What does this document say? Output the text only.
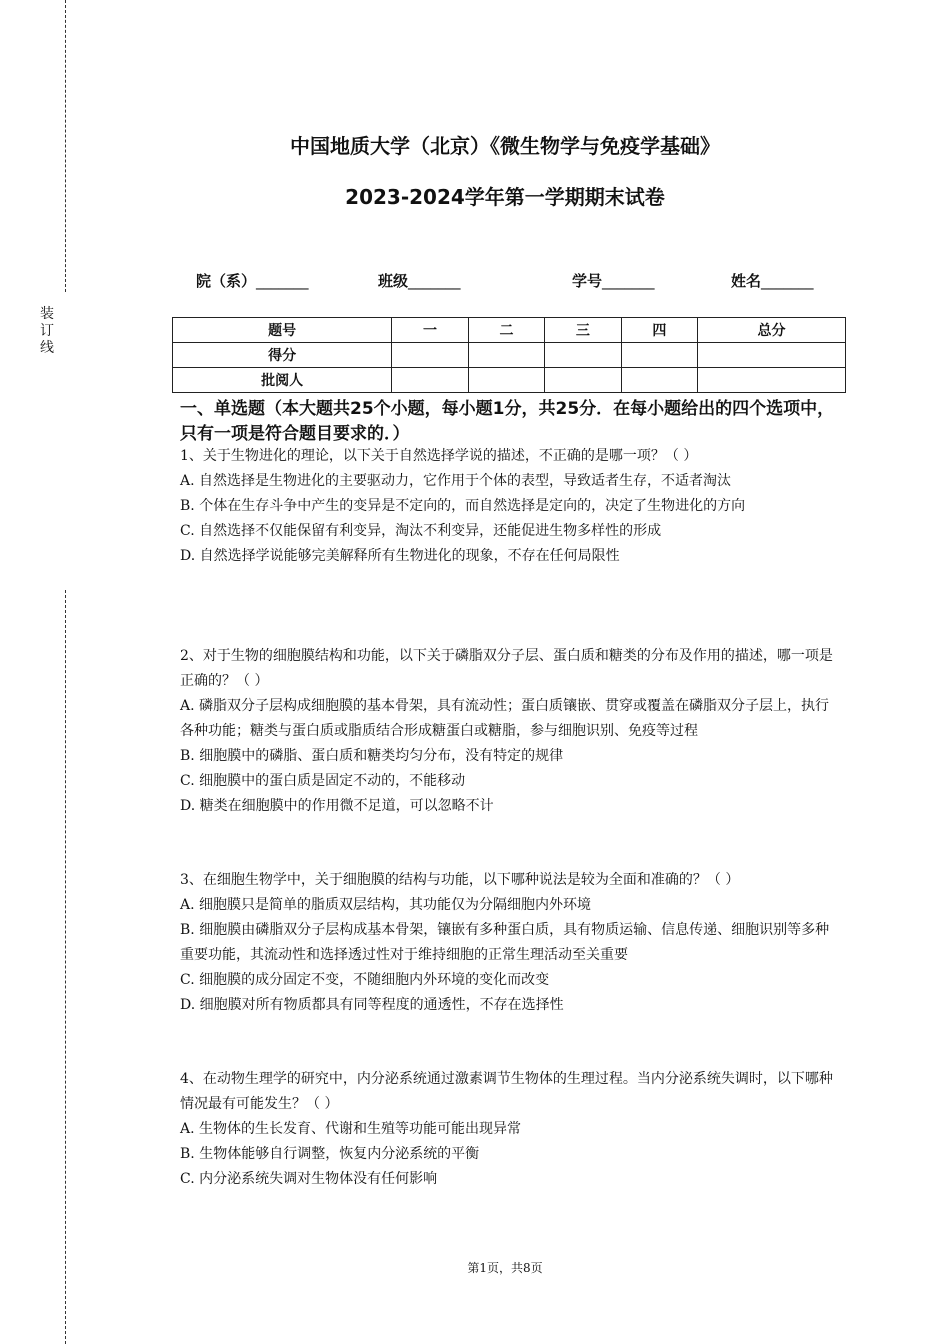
装
订
线
中国地质大学（北京）《微生物学与免疫学基础》
2023-2024学年第一学期期末试卷
院（系）_______	班级_______	学号_______	姓名_______
题号	一	二	三	四	总分
得分					
批阅人					
一、单选题（本大题共25个小题，每小题1分，共25分．在每小题给出的四个选项中，只有一项是符合题目要求的．）

1、关于生物进化的理论，以下关于自然选择学说的描述，不正确的是哪一项？（ ）

A. 自然选择是生物进化的主要驱动力，它作用于个体的表型，导致适者生存，不适者淘汰

B. 个体在生存斗争中产生的变异是不定向的，而自然选择是定向的，决定了生物进化的方向

C. 自然选择不仅能保留有利变异，淘汰不利变异，还能促进生物多样性的形成

D. 自然选择学说能够完美解释所有生物进化的现象，不存在任何局限性

2、对于生物的细胞膜结构和功能，以下关于磷脂双分子层、蛋白质和糖类的分布及作用的描述，哪一项是正确的？（ ）

A. 磷脂双分子层构成细胞膜的基本骨架，具有流动性；蛋白质镶嵌、贯穿或覆盖在磷脂双分子层上，执行各种功能；糖类与蛋白质或脂质结合形成糖蛋白或糖脂，参与细胞识别、免疫等过程

B. 细胞膜中的磷脂、蛋白质和糖类均匀分布，没有特定的规律

C. 细胞膜中的蛋白质是固定不动的，不能移动

D. 糖类在细胞膜中的作用微不足道，可以忽略不计

3、在细胞生物学中，关于细胞膜的结构与功能，以下哪种说法是较为全面和准确的？（ ）

A. 细胞膜只是简单的脂质双层结构，其功能仅为分隔细胞内外环境

B. 细胞膜由磷脂双分子层构成基本骨架，镶嵌有多种蛋白质，具有物质运输、信息传递、细胞识别等多种重要功能，其流动性和选择透过性对于维持细胞的正常生理活动至关重要

C. 细胞膜的成分固定不变，不随细胞内外环境的变化而改变

D. 细胞膜对所有物质都具有同等程度的通透性，不存在选择性

4、在动物生理学的研究中，内分泌系统通过激素调节生物体的生理过程。当内分泌系统失调时，以下哪种情况最有可能发生？（ ）

A. 生物体的生长发育、代谢和生殖等功能可能出现异常

B. 生物体能够自行调整，恢复内分泌系统的平衡

C. 内分泌系统失调对生物体没有任何影响

第1页，共8页
